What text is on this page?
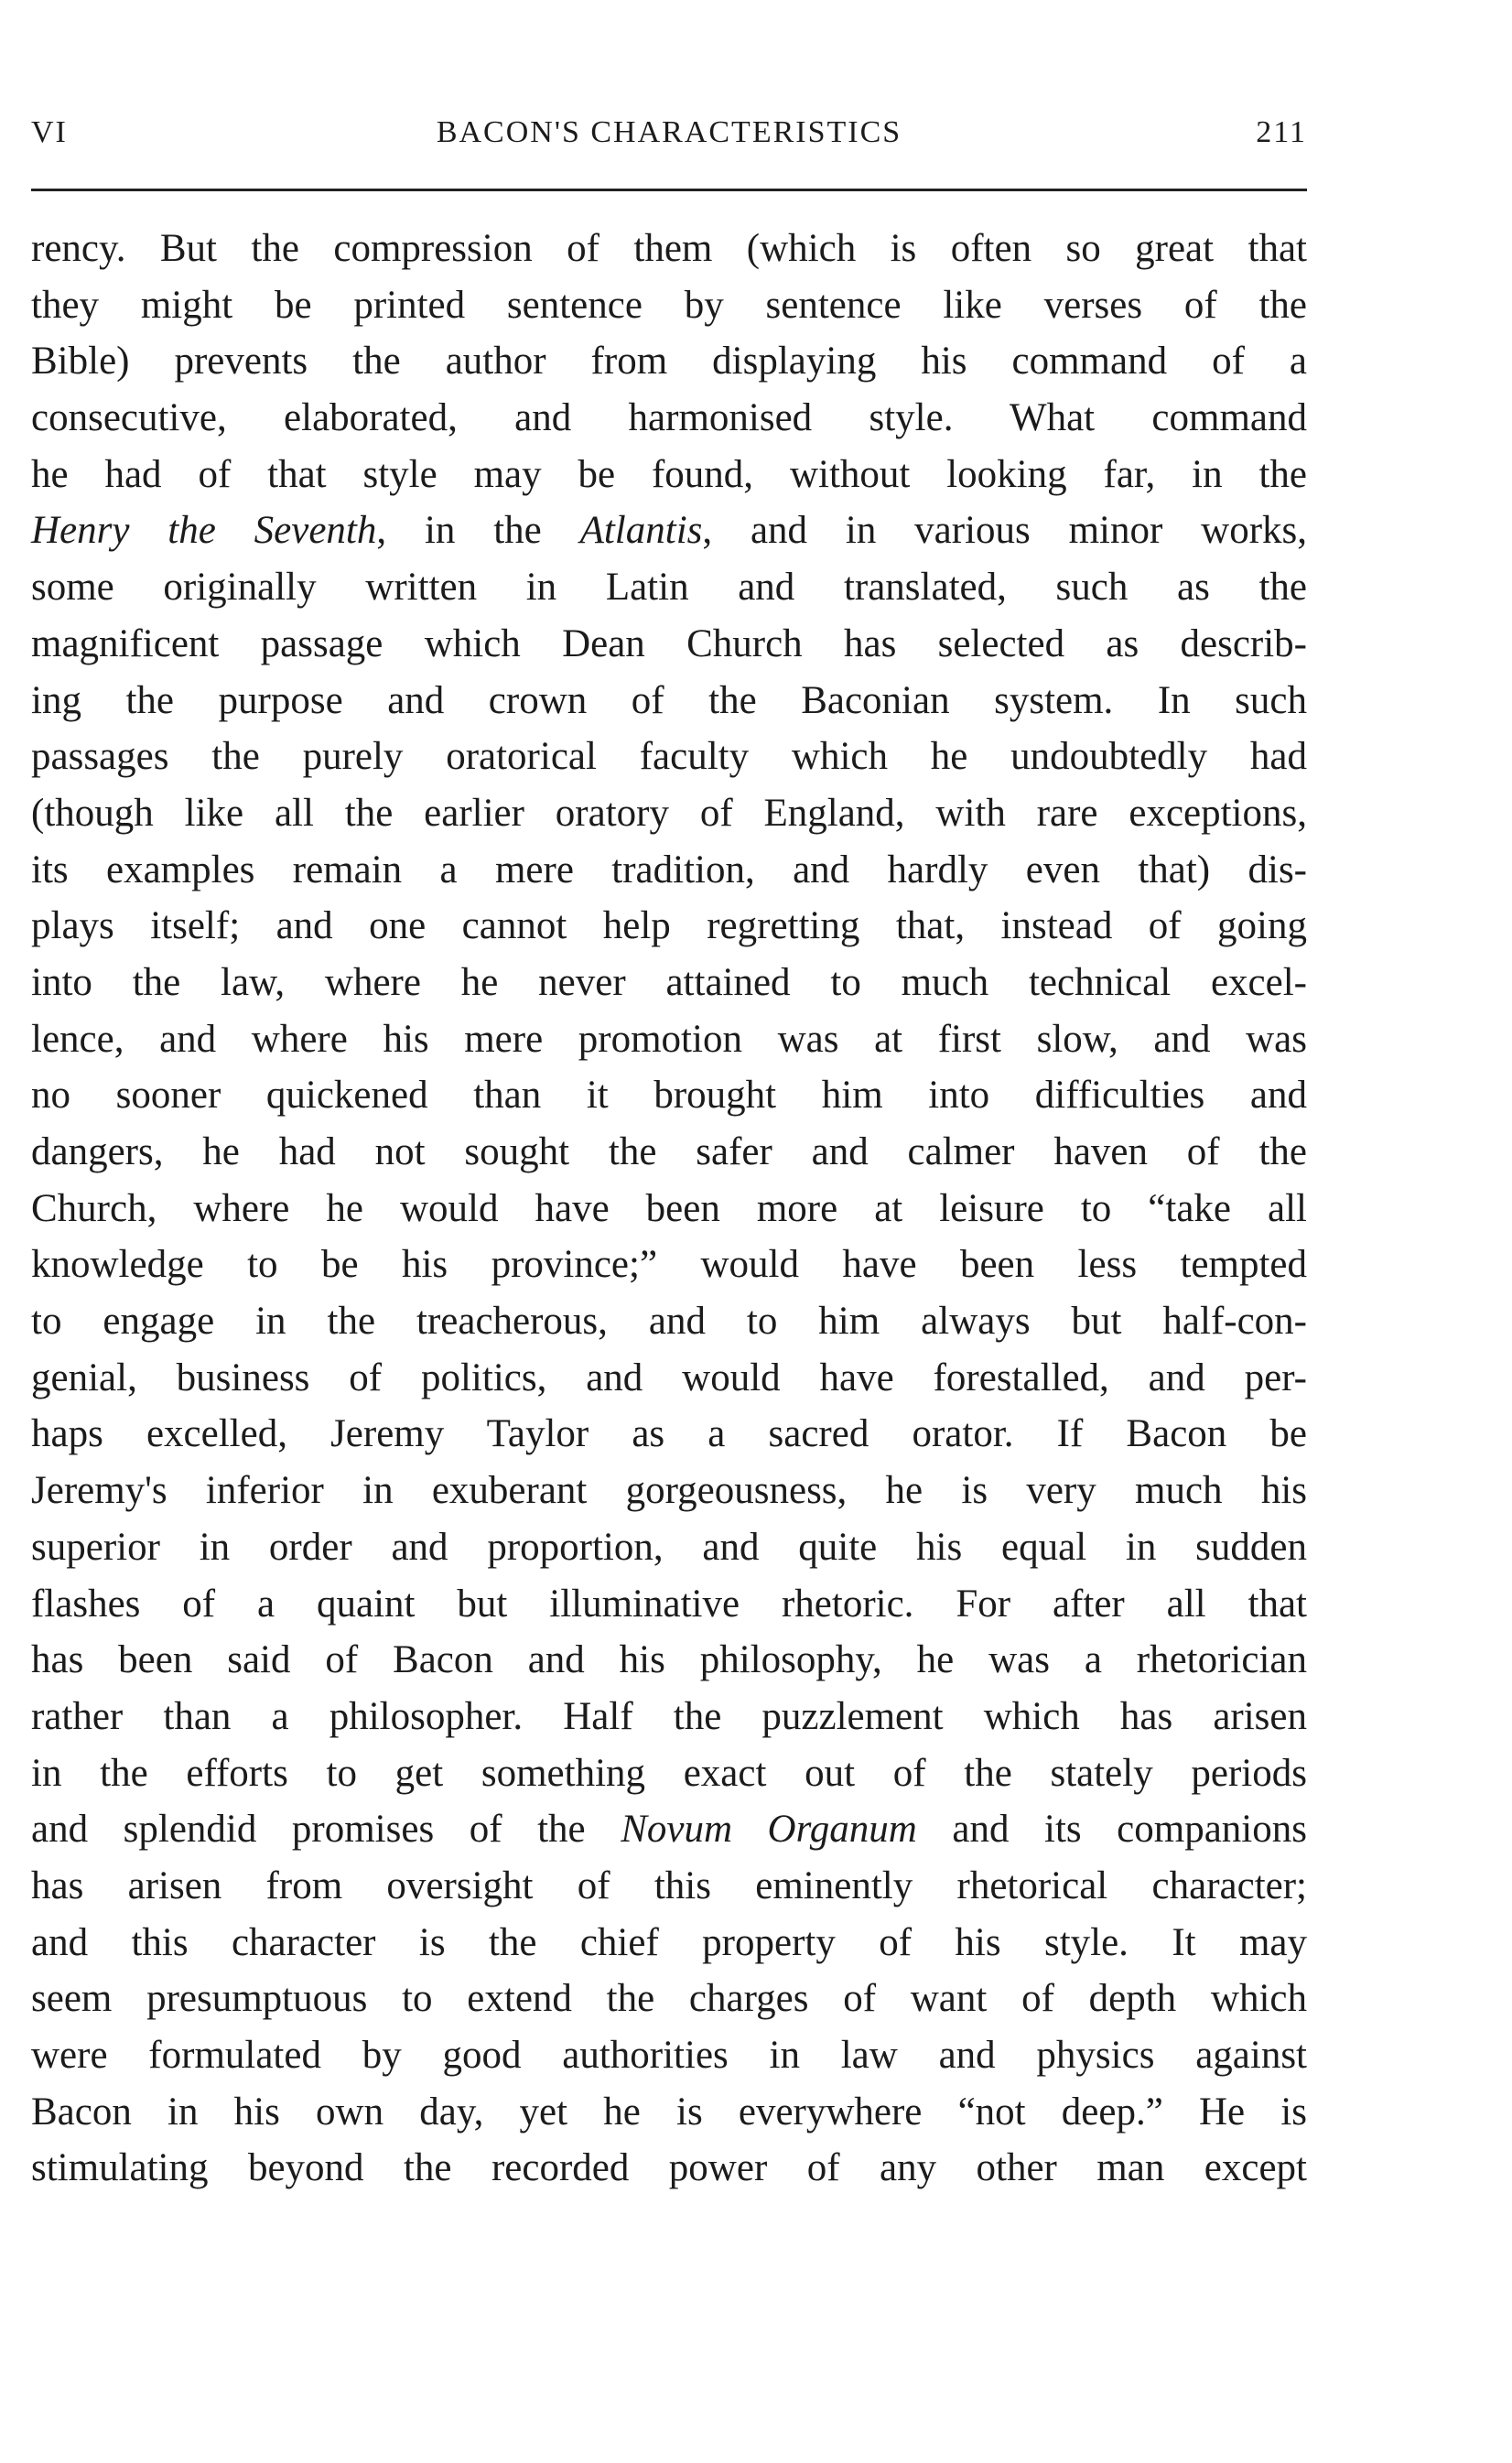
VI	BACON'S CHARACTERISTICS	211
rency. But the compression of them (which is often so great that
they might be printed sentence by sentence like verses of the
Bible) prevents the author from displaying his command of a
consecutive, elaborated, and harmonised style. What command
he had of that style may be found, without looking far, in the
Henry the Seventh, in the Atlantis, and in various minor works,
some originally written in Latin and translated, such as the
magnificent passage which Dean Church has selected as describ-
ing the purpose and crown of the Baconian system. In such
passages the purely oratorical faculty which he undoubtedly had
(though like all the earlier oratory of England, with rare exceptions,
its examples remain a mere tradition, and hardly even that) dis-
plays itself; and one cannot help regretting that, instead of going
into the law, where he never attained to much technical excel-
lence, and where his mere promotion was at first slow, and was
no sooner quickened than it brought him into difficulties and
dangers, he had not sought the safer and calmer haven of the
Church, where he would have been more at leisure to “take all
knowledge to be his province;” would have been less tempted
to engage in the treacherous, and to him always but half-con-
genial, business of politics, and would have forestalled, and per-
haps excelled, Jeremy Taylor as a sacred orator. If Bacon be
Jeremy's inferior in exuberant gorgeousness, he is very much his
superior in order and proportion, and quite his equal in sudden
flashes of a quaint but illuminative rhetoric. For after all that
has been said of Bacon and his philosophy, he was a rhetorician
rather than a philosopher. Half the puzzlement which has arisen
in the efforts to get something exact out of the stately periods
and splendid promises of the Novum Organum and its companions
has arisen from oversight of this eminently rhetorical character;
and this character is the chief property of his style. It may
seem presumptuous to extend the charges of want of depth which
were formulated by good authorities in law and physics against
Bacon in his own day, yet he is everywhere “not deep.” He is
stimulating beyond the recorded power of any other man except
